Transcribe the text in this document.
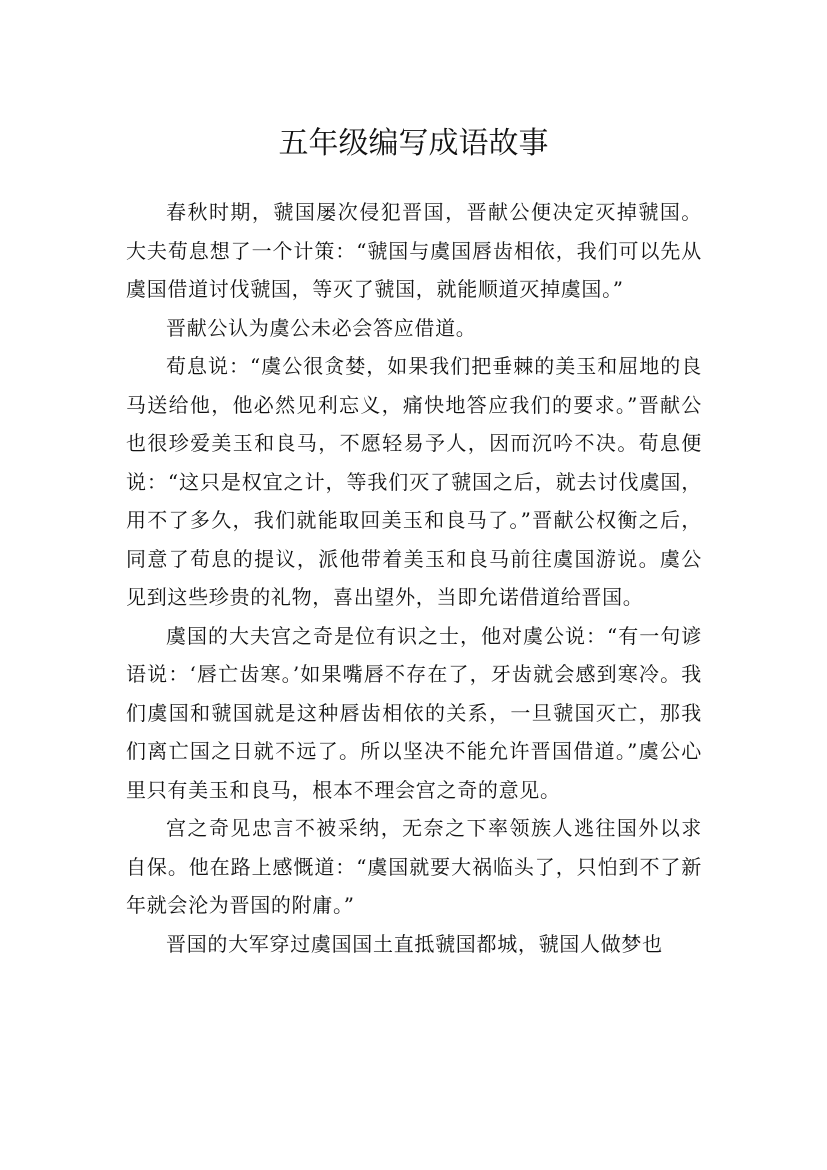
五年级编写成语故事

春秋时期，虢国屡次侵犯晋国，晋献公便决定灭掉虢国。大夫荀息想了一个计策：“虢国与虞国唇齿相依，我们可以先从虞国借道讨伐虢国，等灭了虢国，就能顺道灭掉虞国。”

晋献公认为虞公未必会答应借道。

荀息说：“虞公很贪婪，如果我们把垂棘的美玉和屈地的良马送给他，他必然见利忘义，痛快地答应我们的要求。”晋献公也很珍爱美玉和良马，不愿轻易予人，因而沉吟不决。荀息便说：“这只是权宜之计，等我们灭了虢国之后，就去讨伐虞国，用不了多久，我们就能取回美玉和良马了。”晋献公权衡之后，同意了荀息的提议，派他带着美玉和良马前往虞国游说。虞公见到这些珍贵的礼物，喜出望外，当即允诺借道给晋国。

虞国的大夫宫之奇是位有识之士，他对虞公说：“有一句谚语说：‘唇亡齿寒。’如果嘴唇不存在了，牙齿就会感到寒冷。我们虞国和虢国就是这种唇齿相依的关系，一旦虢国灭亡，那我们离亡国之日就不远了。所以坚决不能允许晋国借道。”虞公心里只有美玉和良马，根本不理会宫之奇的意见。

宫之奇见忠言不被采纳，无奈之下率领族人逃往国外以求自保。他在路上感慨道：“虞国就要大祸临头了，只怕到不了新年就会沦为晋国的附庸。”

晋国的大军穿过虞国国土直抵虢国都城，虢国人做梦也
